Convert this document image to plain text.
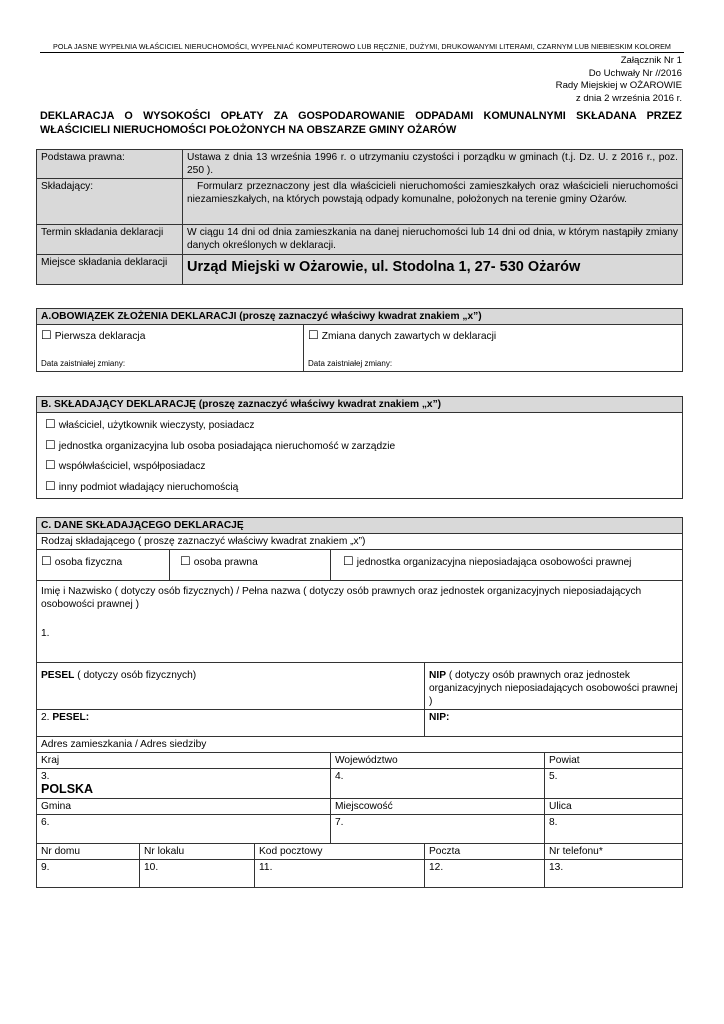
POLA JASNE WYPEŁNIA WŁAŚCICIEL NIERUCHOMOŚCI, WYPEŁNIAĆ KOMPUTEROWO LUB RĘCZNIE, DUŻYMI, DRUKOWANYMI LITERAMI, CZARNYM LUB NIEBIESKIM KOLOREM
Załącznik Nr 1
Do Uchwały Nr //2016
Rady Miejskiej w OŻAROWIE
z dnia 2 września 2016 r.
DEKLARACJA O WYSOKOŚCI OPŁATY ZA GOSPODAROWANIE ODPADAMI KOMUNALNYMI SKŁADANA PRZEZ WŁAŚCICIELI NIERUCHOMOŚCI POŁOŻONYCH NA OBSZARZE GMINY OŻARÓW
Podstawa prawna:	Ustawa z dnia 13 września 1996 r. o utrzymaniu czystości i porządku w gminach (t.j. Dz. U. z 2016 r., poz. 250 ).
Składający:	Formularz przeznaczony jest dla właścicieli nieruchomości zamieszkałych oraz właścicieli nieruchomości niezamieszkałych, na których powstają odpady komunalne, położonych na terenie gminy Ożarów.
Termin składania deklaracji	W ciągu 14 dni od dnia zamieszkania na danej nieruchomości lub 14 dni od dnia, w którym nastąpiły zmiany danych określonych w deklaracji.
Miejsce składania deklaracji	Urząd Miejski w Ożarowie, ul. Stodolna 1, 27- 530 Ożarów
A.OBOWIĄZEK ZŁOŻENIA DEKLARACJI (proszę zaznaczyć właściwy kwadrat znakiem „x”)

☐ Pierwsza deklaracja
Data zaistniałej zmiany:

☐ Zmiana danych zawartych w deklaracji
Data zaistniałej zmiany:
B. SKŁADAJĄCY DEKLARACJĘ (proszę zaznaczyć właściwy kwadrat znakiem „x”)

☐ właściciel, użytkownik wieczysty, posiadacz
☐ jednostka organizacyjna lub osoba posiadająca nieruchomość w zarządzie
☐ współwłaściciel, współposiadacz
☐ inny podmiot władający nieruchomością
C. DANE SKŁADAJĄCEGO DEKLARACJĘ						
Rodzaj składającego ( proszę zaznaczyć właściwy kwadrat znakiem „x”)						
☐ osoba fizyczna		☐ osoba prawna		☐ jednostka organizacyjna nieposiadająca osobowości prawnej		
Imię i Nazwisko ( dotyczy osób fizycznych) / Pełna nazwa ( dotyczy osób prawnych oraz jednostek organizacyjnych nieposiadających osobowości prawnej )						
1.						
PESEL ( dotyczy osób fizycznych)					NIP ( dotyczy osób prawnych oraz jednostek organizacyjnych nieposiadających osobowości prawnej )	
2. PESEL:					NIP:	
Adres zamieszkania / Adres siedziby						
Kraj				Województwo		Powiat

3.
POLSKA				4.		5.
Gmina				Miejscowość		Ulica
6.				7.		8.
Nr domu	Nr lokalu		Kod pocztowy		Poczta	Nr telefonu*
9.	10.		11.		12.	13.
